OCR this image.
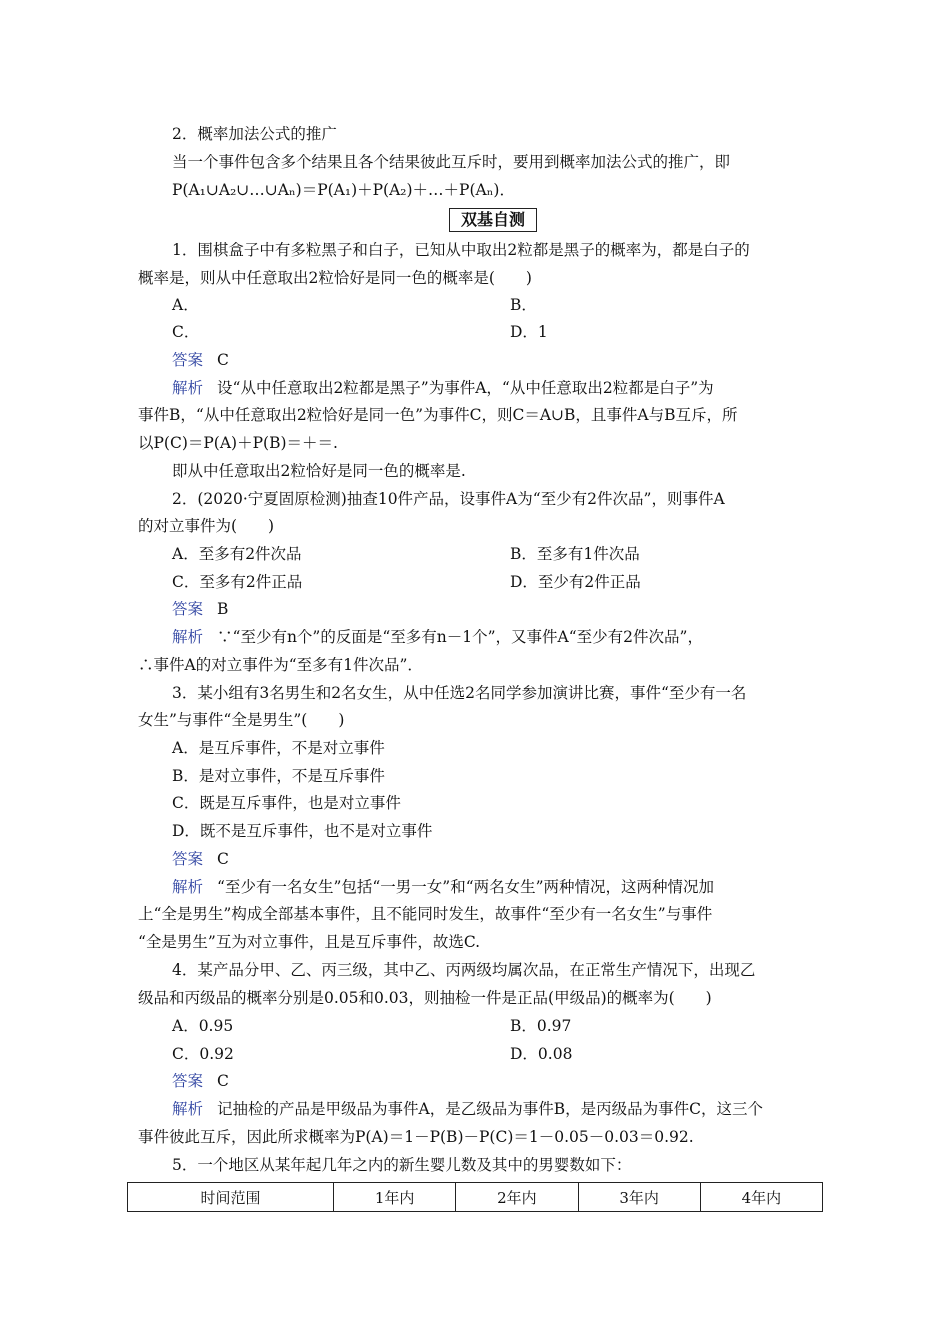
2．概率加法公式的推广
当一个事件包含多个结果且各个结果彼此互斥时，要用到概率加法公式的推广，即
P(A₁∪A₂∪…∪Aₙ)＝P(A₁)＋P(A₂)＋…＋P(Aₙ)．
双基自测
1．围棋盒子中有多粒黑子和白子，已知从中取出2粒都是黑子的概率为，都是白子的
概率是，则从中任意取出2粒恰好是同一色的概率是(　　)
A．	B．
C．	D．1
答案 C
解析 设“从中任意取出2粒都是黑子”为事件A，“从中任意取出2粒都是白子”为
事件B，“从中任意取出2粒恰好是同一色”为事件C，则C＝A∪B，且事件A与B互斥，所
以P(C)＝P(A)＋P(B)＝＋＝.
即从中任意取出2粒恰好是同一色的概率是.
2．(2020·宁夏固原检测)抽查10件产品，设事件A为“至少有2件次品”，则事件A
的对立事件为(　　)
A．至多有2件次品	B．至多有1件次品
C．至多有2件正品	D．至少有2件正品
答案 B
解析 ∵“至少有n个”的反面是“至多有n－1个”，又事件A“至少有2件次品”，
∴事件A的对立事件为“至多有1件次品”．
3．某小组有3名男生和2名女生，从中任选2名同学参加演讲比赛，事件“至少有一名
女生”与事件“全是男生”(　　)
A．是互斥事件，不是对立事件
B．是对立事件，不是互斥事件
C．既是互斥事件，也是对立事件
D．既不是互斥事件，也不是对立事件
答案 C
解析 “至少有一名女生”包括“一男一女”和“两名女生”两种情况，这两种情况加
上“全是男生”构成全部基本事件，且不能同时发生，故事件“至少有一名女生”与事件
“全是男生”互为对立事件，且是互斥事件，故选C.
4．某产品分甲、乙、丙三级，其中乙、丙两级均属次品，在正常生产情况下，出现乙
级品和丙级品的概率分别是0.05和0.03，则抽检一件是正品(甲级品)的概率为(　　)
A．0.95	B．0.97
C．0.92	D．0.08
答案 C
解析 记抽检的产品是甲级品为事件A，是乙级品为事件B，是丙级品为事件C，这三个
事件彼此互斥，因此所求概率为P(A)＝1－P(B)－P(C)＝1－0.05－0.03＝0.92.
5．一个地区从某年起几年之内的新生婴儿数及其中的男婴数如下：
时间范围	1年内	2年内	3年内	4年内
